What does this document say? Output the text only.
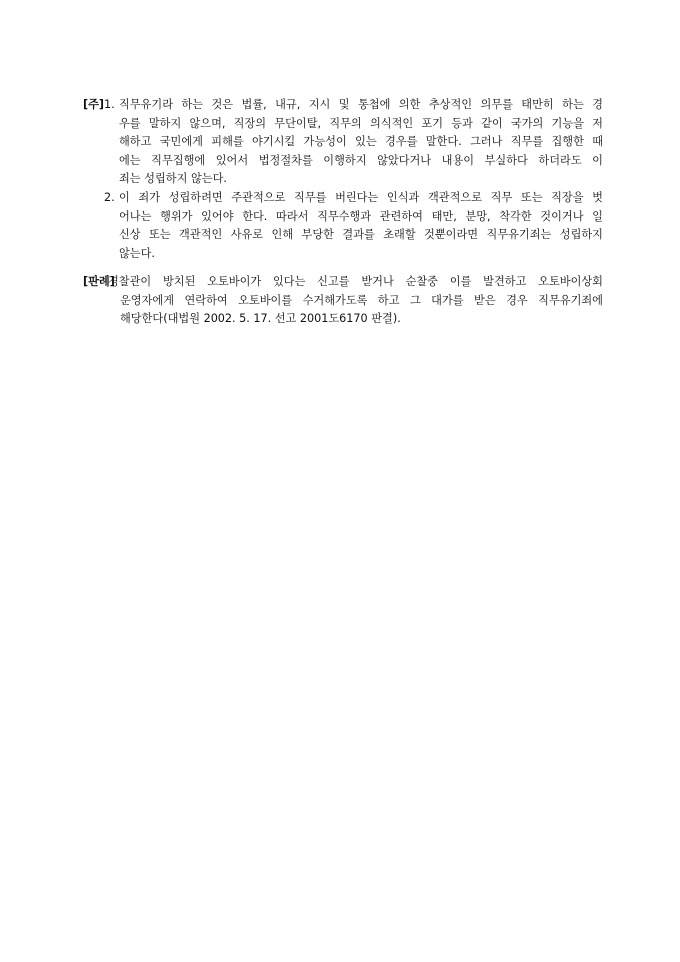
[주] 1. 직무유기라 하는 것은 법률, 내규, 지시 및 통첩에 의한 추상적인 의무를 태만히 하는 경
우를 말하지 않으며, 직장의 무단이탈, 직무의 의식적인 포기 등과 같이 국가의 기능을 저
해하고 국민에게 피해를 야기시킬 가능성이 있는 경우를 말한다. 그러나 직무를 집행한 때
에는 직무집행에 있어서 법정절차를 이행하지 않았다거나 내용이 부실하다 하더라도 이
죄는 성립하지 않는다.
2. 이 죄가 성립하려면 주관적으로 직무를 버린다는 인식과 객관적으로 직무 또는 직장을 벗
어나는 행위가 있어야 한다. 따라서 직무수행과 관련하여 태만, 분망, 착각한 것이거나 일
신상 또는 객관적인 사유로 인해 부당한 결과를 초래할 것뿐이라면 직무유기죄는 성립하지
않는다.
[판례]
경찰관이 방치된 오토바이가 있다는 신고를 받거나 순찰중 이를 발견하고 오토바이상회
운영자에게 연락하여 오토바이를 수거해가도록 하고 그 대가를 받은 경우 직무유기죄에
해당한다(대법원 2002. 5. 17. 선고 2001도6170 판결).
